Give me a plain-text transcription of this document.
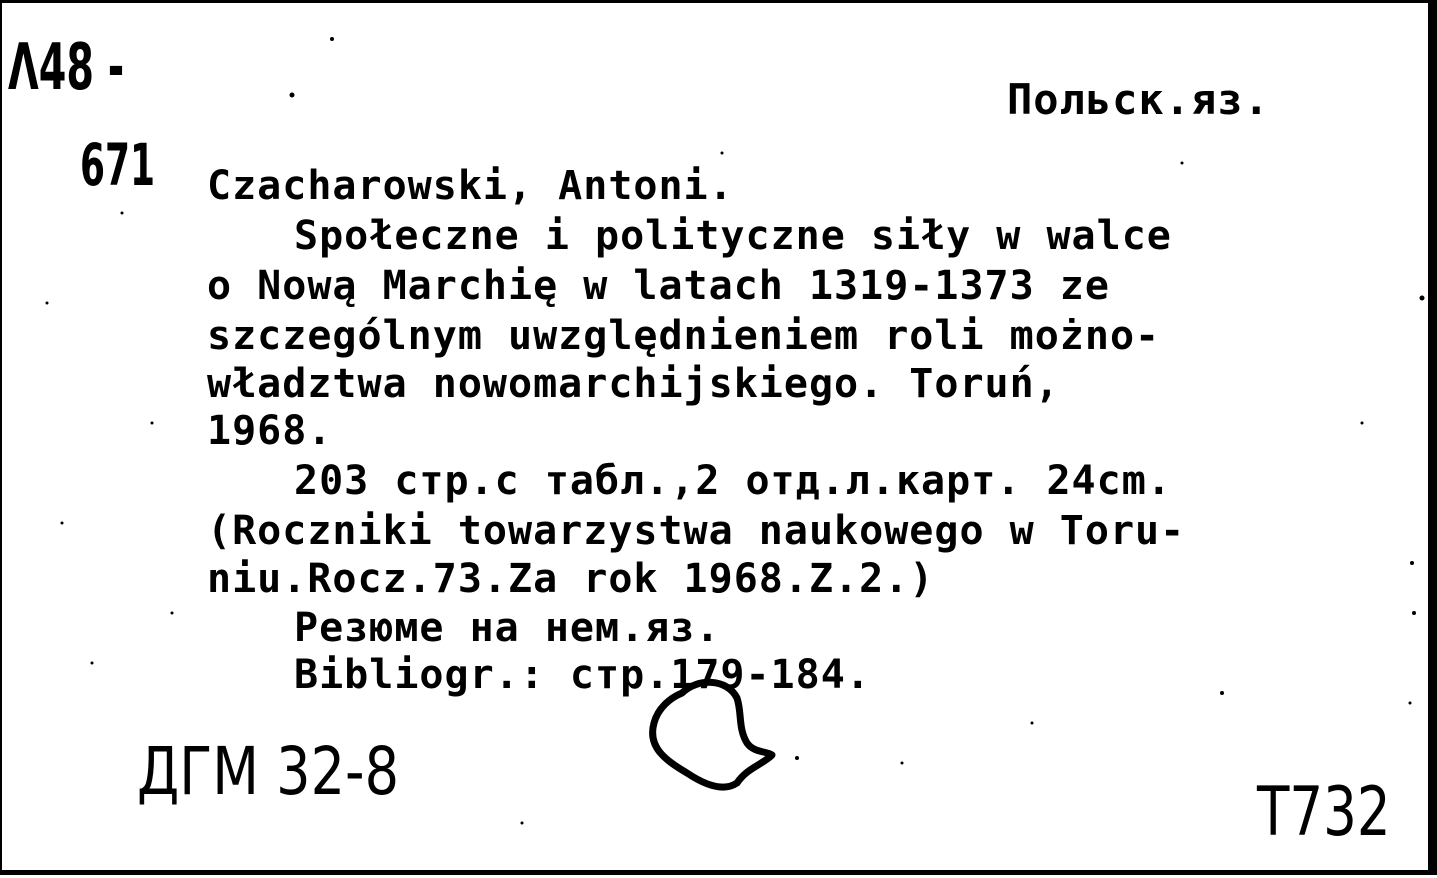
Λ48 -
671
Польск.яз.
Czacharowski, Antoni.
Społeczne i polityczne siły w walce
o Nową Marchię w latach 1319-1373 ze
szczególnym uwzględnieniem roli możno-
władztwa nowomarchijskiego. Toruń,
1968.
203 стр.с табл.,2 отд.л.карт. 24cm.
(Roczniki towarzystwa naukowego w Toru-
niu.Rocz.73.Za rok 1968.Z.2.)
Резюме на нем.яз.
Bibliogr.: стр.179-184.
ДГМ 32-8
Т732
